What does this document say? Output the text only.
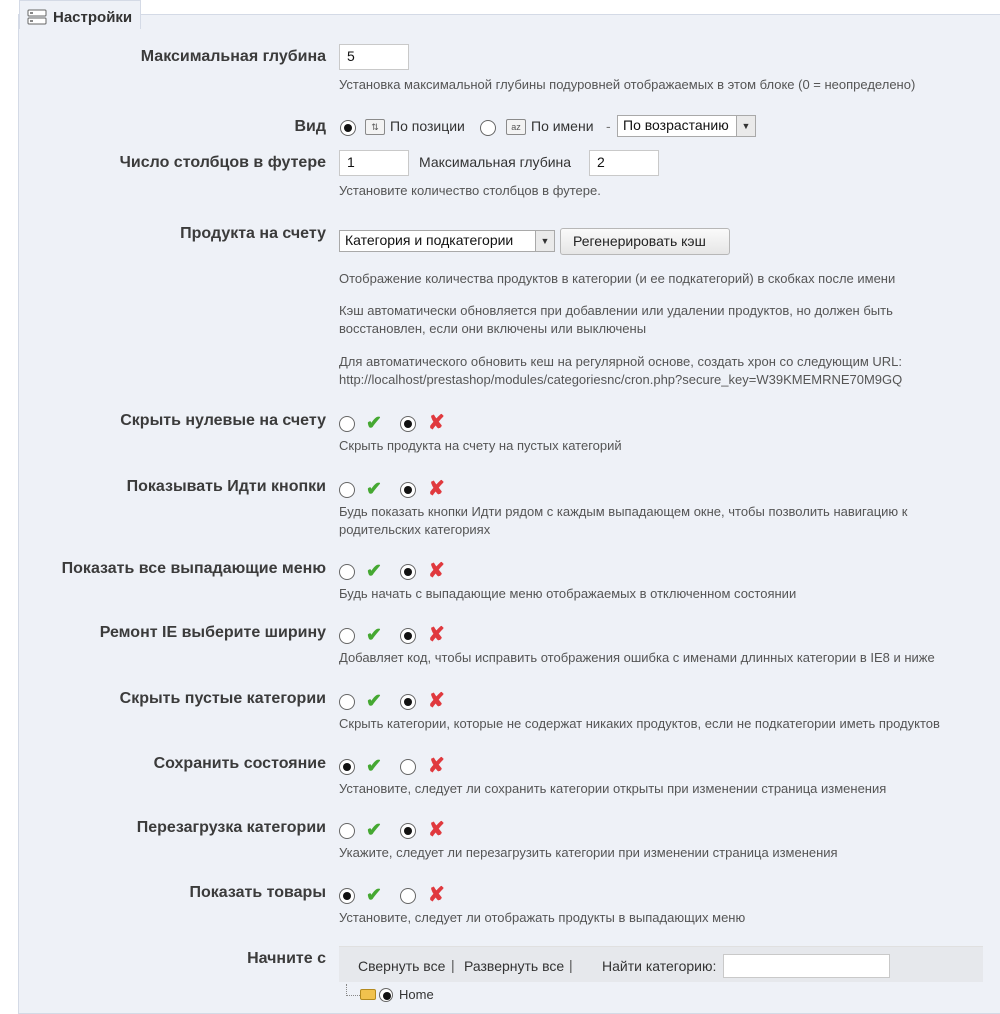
Настройки
Максимальная глубина	5
Установка максимальной глубины подуровней отображаемых в этом блоке (0 = неопределено)
Вид	⇅ По позиции	az По имени - По возрастанию	▼
Число столбцов в футере	1	Максимальная глубина	2
Установите количество столбцов в футере.
Продукта на счету	Категория и подкатегории	▼	Регенерировать кэш
Отображение количества продуктов в категории (и ее подкатегорий) в скобках после имени
Кэш автоматически обновляется при добавлении или удалении продуктов, но должен быть
восстановлен, если они включены или выключены
Для автоматического обновить кеш на регулярной основе, создать хрон со следующим URL:
http://localhost/prestashop/modules/categoriesnc/cron.php?secure_key=W39KMEMRNE70M9GQ
Скрыть нулевые на счету ✔ ✘
Скрыть продукта на счету на пустых категорий
Показывать Идти кнопки ✔ ✘
Будь показать кнопки Идти рядом с каждым выпадающем окне, чтобы позволить навигацию к
родительских категориях
Показать все выпадающие меню ✔ ✘
Будь начать с выпадающие меню отображаемых в отключенном состоянии
Ремонт IE выберите ширину ✔ ✘
Добавляет код, чтобы исправить отображения ошибка с именами длинных категории в IE8 и ниже
Скрыть пустые категории ✔ ✘
Скрыть категории, которые не содержат никаких продуктов, если не подкатегории иметь продуктов
Сохранить состояние ✔ ✘
Установите, следует ли сохранить категории открыты при изменении страница изменения
Перезагрузка категории ✔ ✘
Укажите, следует ли перезагрузить категории при изменении страница изменения
Показать товары ✔ ✘
Установите, следует ли отображать продукты в выпадающих меню
Начните с Свернуть все | Развернуть все | Найти категорию:
Home
